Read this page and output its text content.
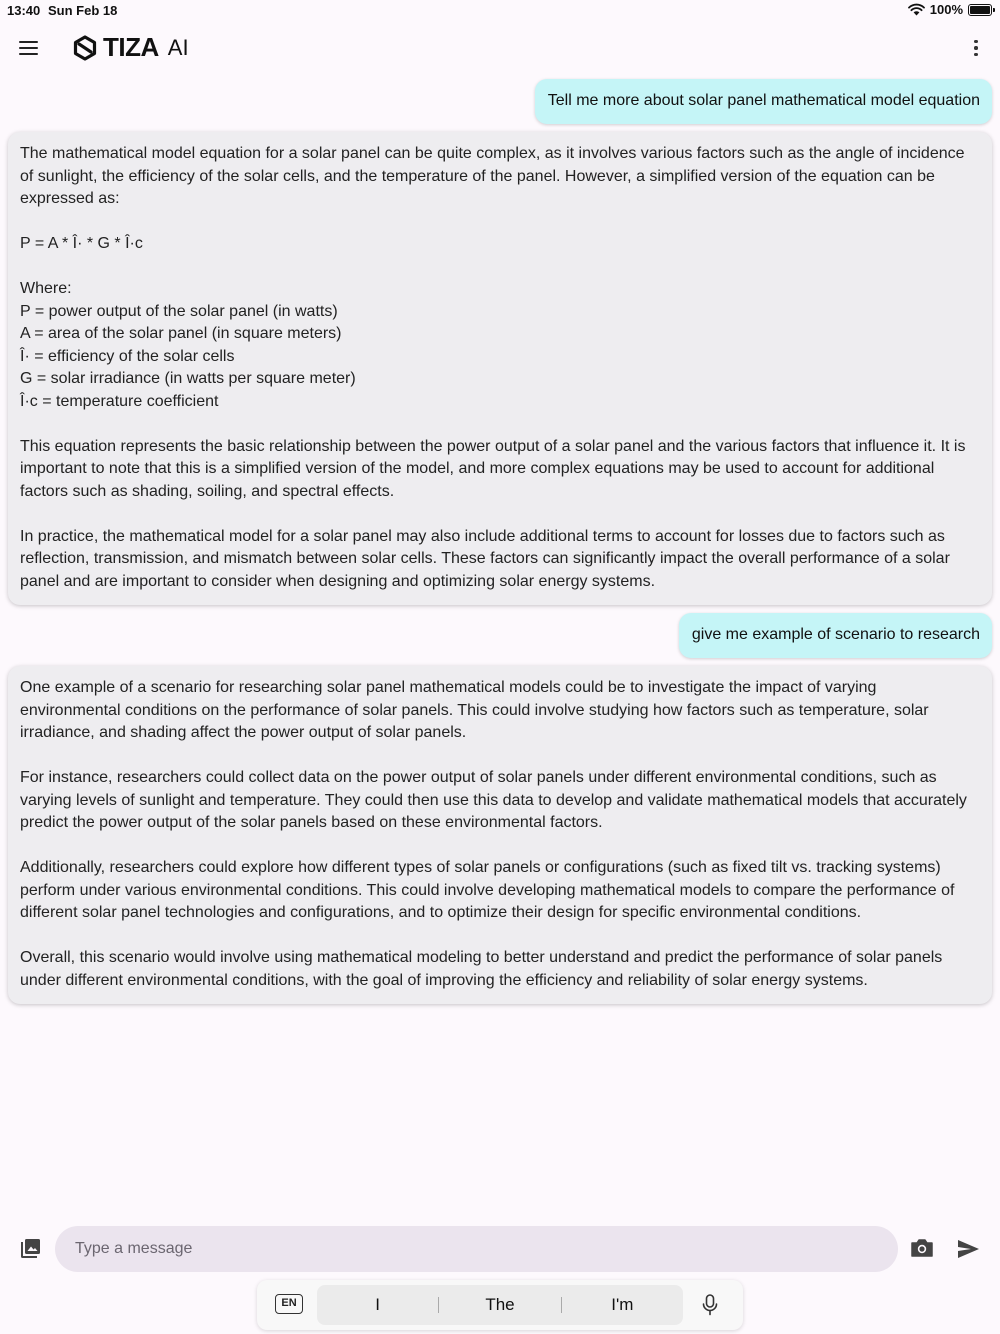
13:40 Sun Feb 18	100%
TIZA AI
Tell me more about solar panel mathematical model equation

The mathematical model equation for a solar panel can be quite complex, as it involves various factors such as the angle of incidence of sunlight, the efficiency of the solar cells, and the temperature of the panel. However, a simplified version of the equation can be expressed as:

P = A * Î· * G * Î·c

Where:
P = power output of the solar panel (in watts)
A = area of the solar panel (in square meters)
Î· = efficiency of the solar cells
G = solar irradiance (in watts per square meter)
Î·c = temperature coefficient

This equation represents the basic relationship between the power output of a solar panel and the various factors that influence it. It is important to note that this is a simplified version of the model, and more complex equations may be used to account for additional factors such as shading, soiling, and spectral effects.

In practice, the mathematical model for a solar panel may also include additional terms to account for losses due to factors such as reflection, transmission, and mismatch between solar cells. These factors can significantly impact the overall performance of a solar panel and are important to consider when designing and optimizing solar energy systems.

give me example of scenario to research

One example of a scenario for researching solar panel mathematical models could be to investigate the impact of varying environmental conditions on the performance of solar panels. This could involve studying how factors such as temperature, solar irradiance, and shading affect the power output of solar panels.

For instance, researchers could collect data on the power output of solar panels under different environmental conditions, such as varying levels of sunlight and temperature. They could then use this data to develop and validate mathematical models that accurately predict the power output of the solar panels based on these environmental factors.

Additionally, researchers could explore how different types of solar panels or configurations (such as fixed tilt vs. tracking systems) perform under various environmental conditions. This could involve developing mathematical models to compare the performance of different solar panel technologies and configurations, and to optimize their design for specific environmental conditions.

Overall, this scenario would involve using mathematical modeling to better understand and predict the performance of solar panels under different environmental conditions, with the goal of improving the efficiency and reliability of solar energy systems.

Type a message
EN	I	The	I'm
